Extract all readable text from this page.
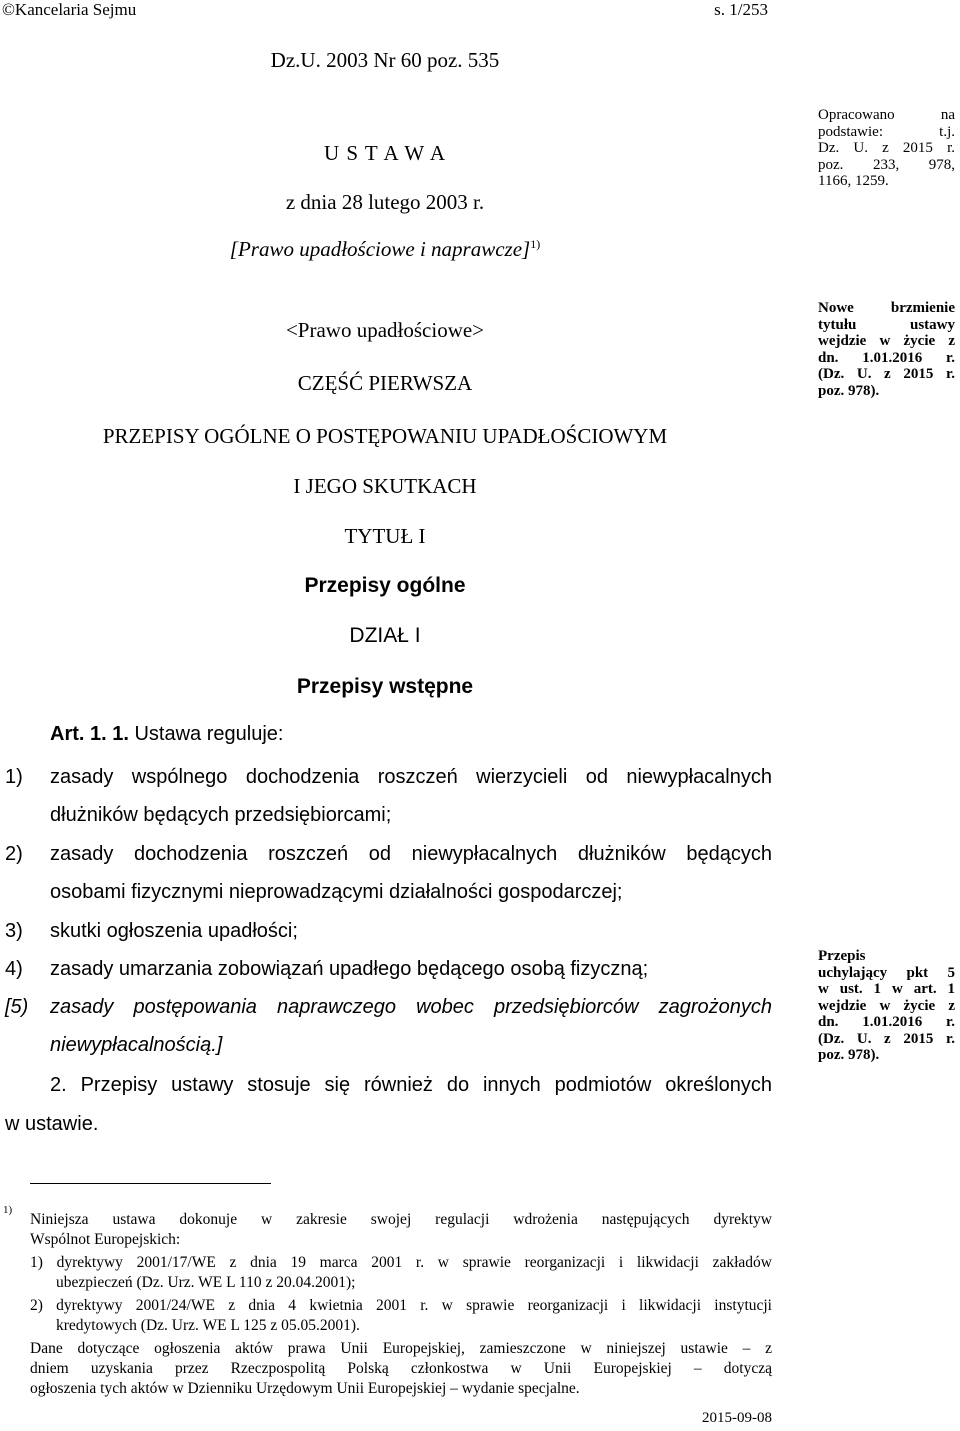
©Kancelaria Sejmu	s. 1/253
Dz.U. 2003 Nr 60 poz. 535
U S T A W A
z dnia 28 lutego 2003 r.
[Prawo upadłościowe i naprawcze]$^{1)}$
<Prawo upadłościowe>
CZĘŚĆ PIERWSZA
PRZEPISY OGÓLNE O POSTĘPOWANIU UPADŁOŚCIOWYM
I JEGO SKUTKACH
TYTUŁ I
Przepisy ogólne
DZIAŁ I
Przepisy wstępne
Opracowano na
podstawie: t.j.
Dz. U. z 2015 r.
poz. 233, 978,
1166, 1259.
Nowe brzmienie
tytułu ustawy
wejdzie w życie z
dn. 1.01.2016 r.
(Dz. U. z 2015 r.
poz. 978).
Przepis
uchylający pkt 5
w ust. 1 w art. 1
wejdzie w życie z
dn. 1.01.2016 r.
(Dz. U. z 2015 r.
poz. 978).
Art. 1. 1. Ustawa reguluje:
1) zasady wspólnego dochodzenia roszczeń wierzycieli od niewypłacalnych
dłużników będących przedsiębiorcami;
2) zasady dochodzenia roszczeń od niewypłacalnych dłużników będących
osobami fizycznymi nieprowadzącymi działalności gospodarczej;
3) skutki ogłoszenia upadłości;
4) zasady umarzania zobowiązań upadłego będącego osobą fizyczną;
[5) zasady postępowania naprawczego wobec przedsiębiorców zagrożonych
niewypłacalnością.]
2. Przepisy ustawy stosuje się również do innych podmiotów określonych
w ustawie.
1)
Niniejsza ustawa dokonuje w zakresie swojej regulacji wdrożenia następujących dyrektyw
Wspólnot Europejskich:
1) dyrektywy 2001/17/WE z dnia 19 marca 2001 r. w sprawie reorganizacji i likwidacji zakładów
ubezpieczeń (Dz. Urz. WE L 110 z 20.04.2001);
2) dyrektywy 2001/24/WE z dnia 4 kwietnia 2001 r. w sprawie reorganizacji i likwidacji instytucji
kredytowych (Dz. Urz. WE L 125 z 05.05.2001).
Dane dotyczące ogłoszenia aktów prawa Unii Europejskiej, zamieszczone w niniejszej ustawie – z
dniem uzyskania przez Rzeczpospolitą Polską członkostwa w Unii Europejskiej – dotyczą
ogłoszenia tych aktów w Dzienniku Urzędowym Unii Europejskiej – wydanie specjalne.
2015-09-08
